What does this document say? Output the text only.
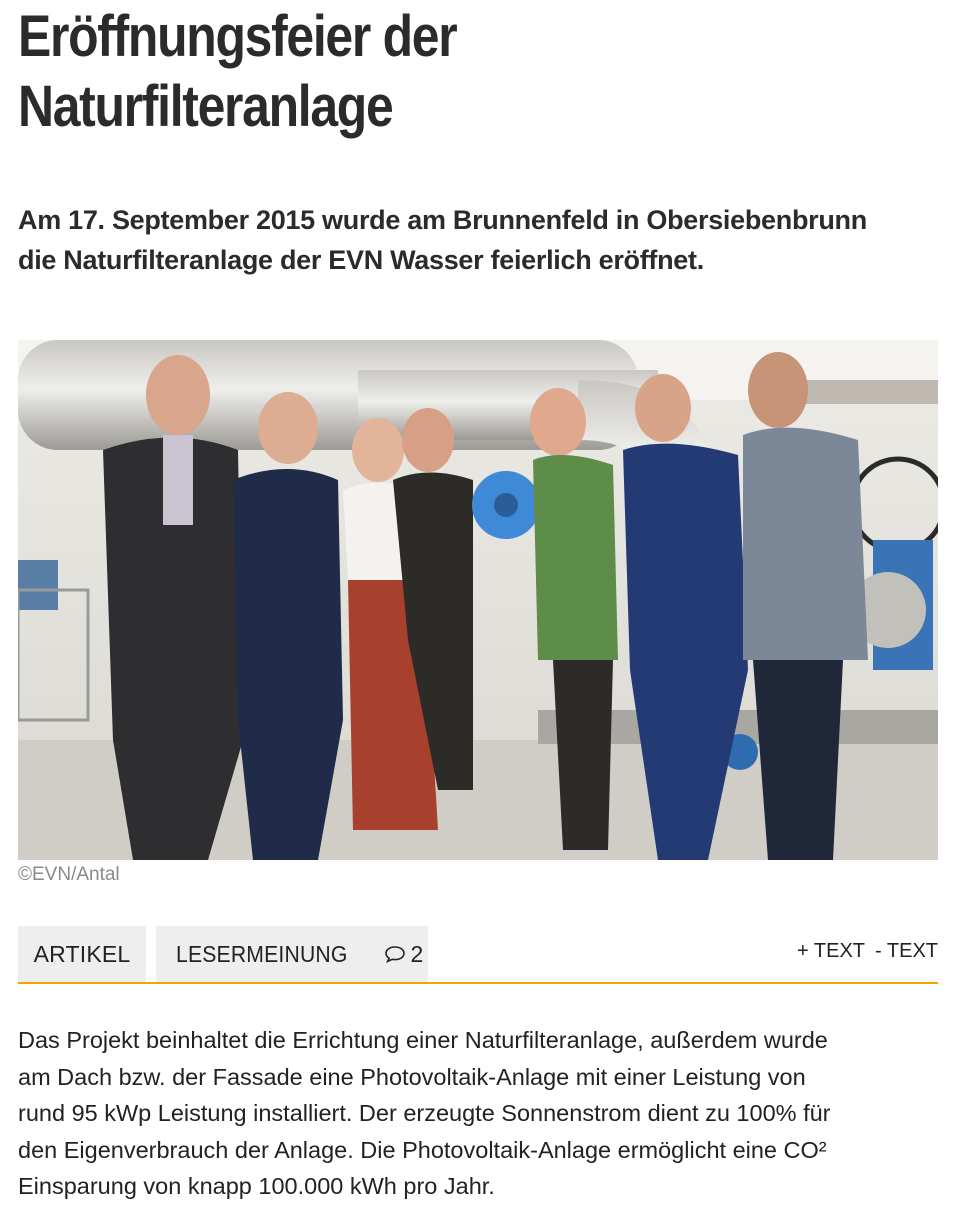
Eröffnungsfeier der
Naturfilteranlage

Am 17. September 2015 wurde am Brunnenfeld in Obersiebenbrunn
die Naturfilteranlage der EVN Wasser feierlich eröffnet.

©EVN/Antal

ARTIKEL LESERMEINUNG	2	+ TEXT - TEXT

Das Projekt beinhaltet die Errichtung einer Naturfilteranlage, außerdem wurde
am Dach bzw. der Fassade eine Photovoltaik-Anlage mit einer Leistung von
rund 95 kWp Leistung installiert. Der erzeugte Sonnenstrom dient zu 100% für
den Eigenverbrauch der Anlage. Die Photovoltaik-Anlage ermöglicht eine CO²
Einsparung von knapp 100.000 kWh pro Jahr.
